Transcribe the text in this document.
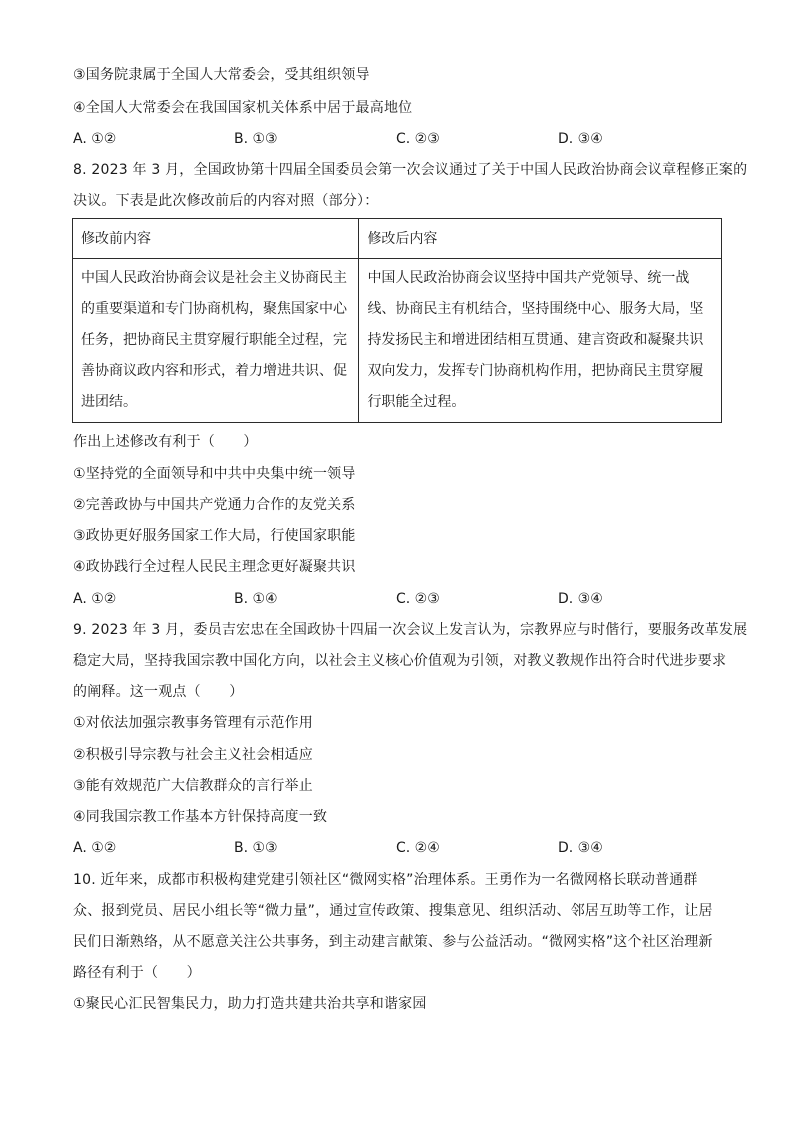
③国务院隶属于全国人大常委会，受其组织领导
④全国人大常委会在我国国家机关体系中居于最高地位
A. ①②	B. ①③	C. ②③	D. ③④
8. 2023 年 3 月，全国政协第十四届全国委员会第一次会议通过了关于中国人民政治协商会议章程修正案的
决议。下表是此次修改前后的内容对照（部分）：
修改前内容	修改后内容
中国人民政治协商会议是社会主义协商民主的重要渠道和专门协商机构，聚焦国家中心任务，把协商民主贯穿履行职能全过程，完善协商议政内容和形式，着力增进共识、促进团结。	中国人民政治协商会议坚持中国共产党领导、统一战线、协商民主有机结合，坚持围绕中心、服务大局，坚持发扬民主和增进团结相互贯通、建言资政和凝聚共识双向发力，发挥专门协商机构作用，把协商民主贯穿履行职能全过程。
作出上述修改有利于（　　）
①坚持党的全面领导和中共中央集中统一领导
②完善政协与中国共产党通力合作的友党关系
③政协更好服务国家工作大局，行使国家职能
④政协践行全过程人民民主理念更好凝聚共识
A. ①②	B. ①④	C. ②③	D. ③④
9. 2023 年 3 月，委员吉宏忠在全国政协十四届一次会议上发言认为，宗教界应与时偕行，要服务改革发展
稳定大局，坚持我国宗教中国化方向，以社会主义核心价值观为引领，对教义教规作出符合时代进步要求
的阐释。这一观点（　　）
①对依法加强宗教事务管理有示范作用
②积极引导宗教与社会主义社会相适应
③能有效规范广大信教群众的言行举止
④同我国宗教工作基本方针保持高度一致
A. ①②	B. ①③	C. ②④	D. ③④
10. 近年来，成都市积极构建党建引领社区“微网实格”治理体系。王勇作为一名微网格长联动普通群
众、报到党员、居民小组长等“微力量”，通过宣传政策、搜集意见、组织活动、邻居互助等工作，让居
民们日渐熟络，从不愿意关注公共事务，到主动建言献策、参与公益活动。“微网实格”这个社区治理新
路径有利于（　　）
①聚民心汇民智集民力，助力打造共建共治共享和谐家园
